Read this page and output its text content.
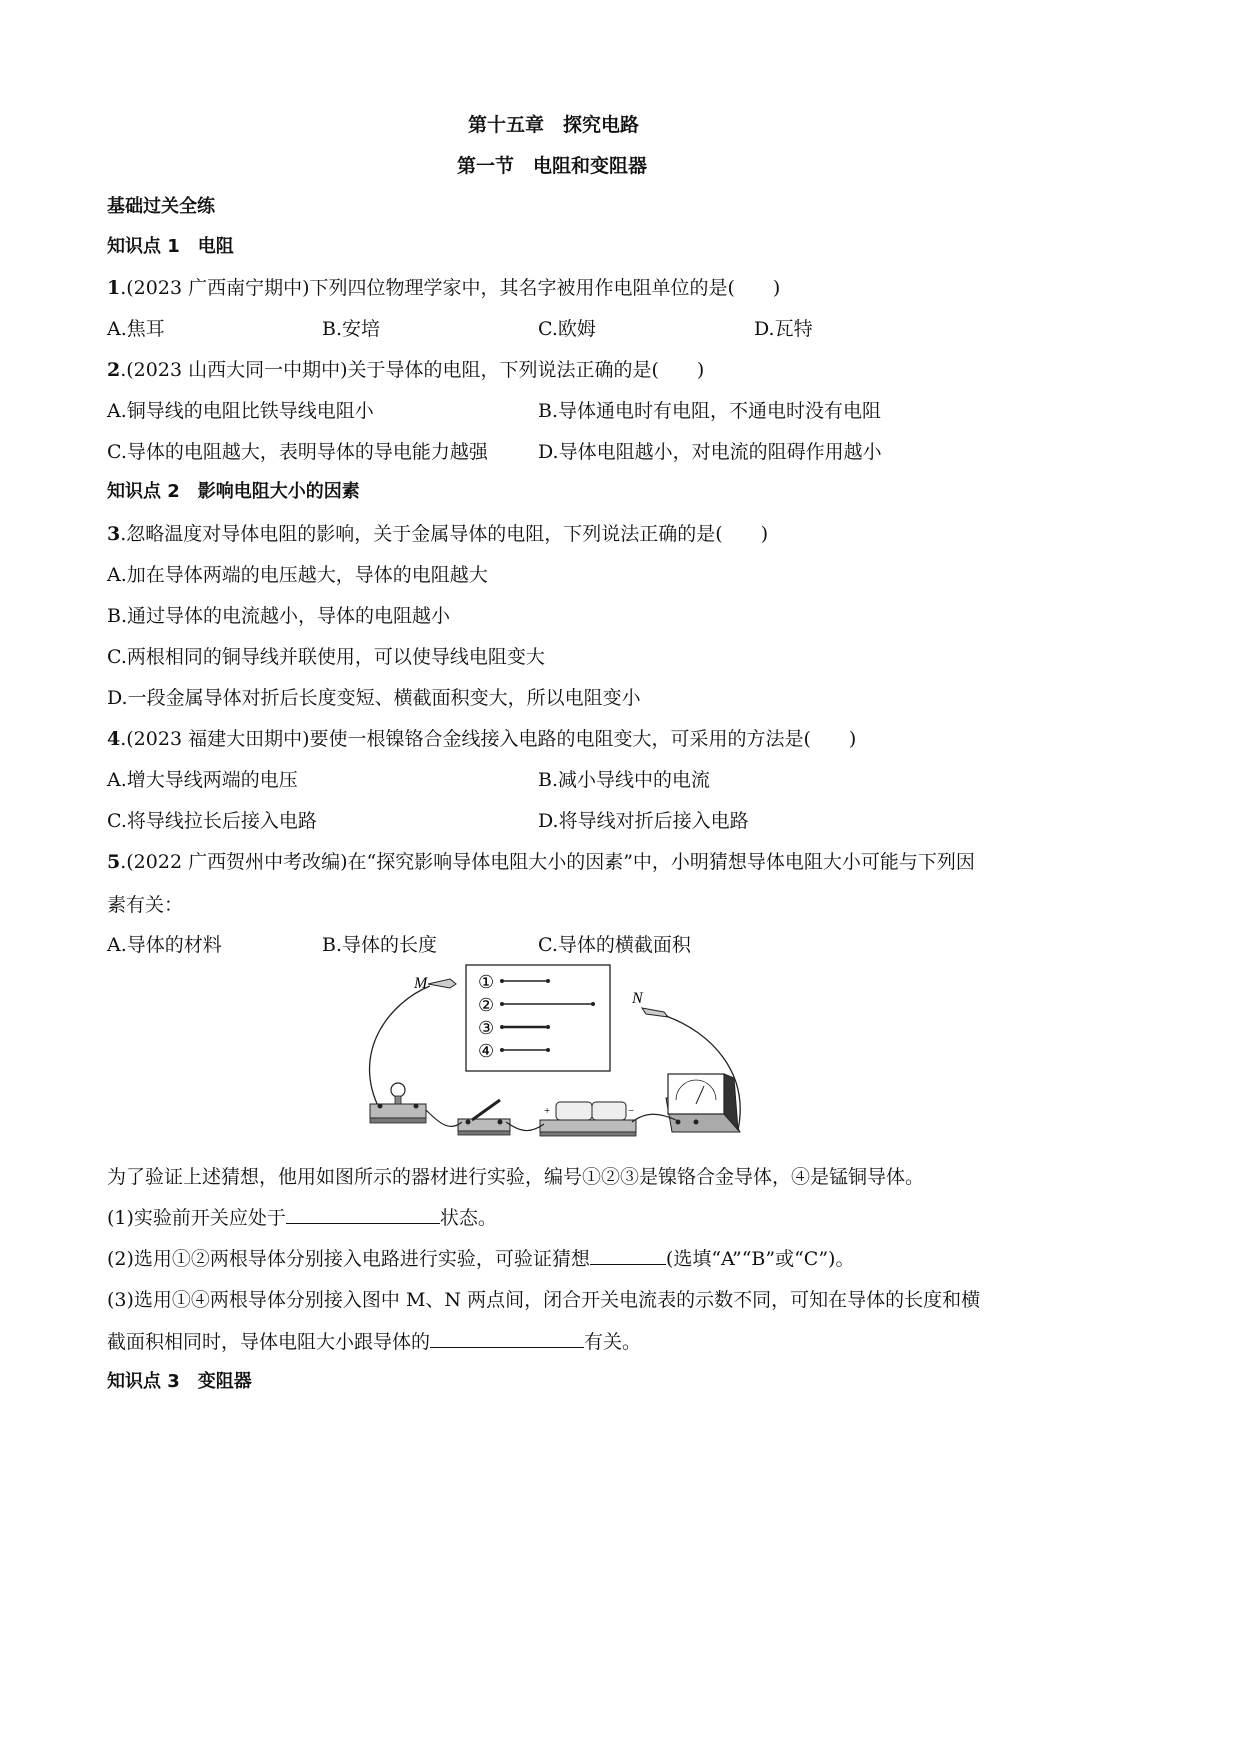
第十五章　探究电路
第一节　电阻和变阻器
基础过关全练
知识点 1　电阻
1.(2023 广西南宁期中)下列四位物理学家中，其名字被用作电阻单位的是(　　)
A.焦耳	B.安培	C.欧姆	D.瓦特
2.(2023 山西大同一中期中)关于导体的电阻，下列说法正确的是(　　)
A.铜导线的电阻比铁导线电阻小	B.导体通电时有电阻，不通电时没有电阻
C.导体的电阻越大，表明导体的导电能力越强	D.导体电阻越小，对电流的阻碍作用越小
知识点 2　影响电阻大小的因素
3.忽略温度对导体电阻的影响，关于金属导体的电阻，下列说法正确的是(　　)
A.加在导体两端的电压越大，导体的电阻越大
B.通过导体的电流越小，导体的电阻越小
C.两根相同的铜导线并联使用，可以使导线电阻变大
D.一段金属导体对折后长度变短、横截面积变大，所以电阻变小
4.(2023 福建大田期中)要使一根镍铬合金线接入电路的电阻变大，可采用的方法是(　　)
A.增大导线两端的电压	B.减小导线中的电流
C.将导线拉长后接入电路	D.将导线对折后接入电路
5.(2022 广西贺州中考改编)在“探究影响导体电阻大小的因素”中，小明猜想导体电阻大小可能与下列因
素有关：
A.导体的材料	B.导体的长度	C.导体的横截面积
①
②
③
④
M
N
+	−
为了验证上述猜想，他用如图所示的器材进行实验，编号①②③是镍铬合金导体，④是锰铜导体。
(1)实验前开关应处于	状态。
(2)选用①②两根导体分别接入电路进行实验，可验证猜想	(选填“A”“B”或“C”)。
(3)选用①④两根导体分别接入图中 M、N 两点间，闭合开关电流表的示数不同，可知在导体的长度和横
截面积相同时，导体电阻大小跟导体的	有关。
知识点 3　变阻器
